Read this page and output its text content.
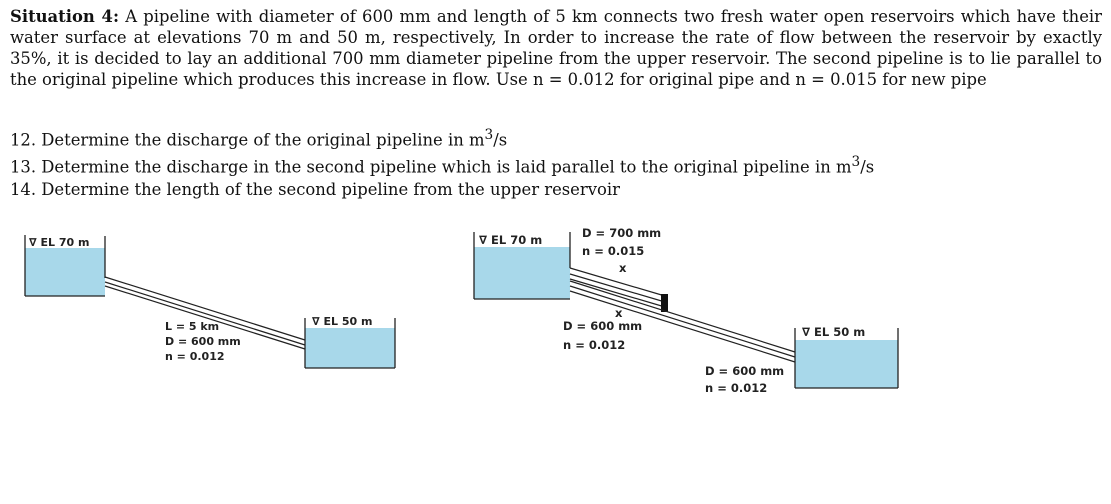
Situation 4: A pipeline with diameter of 600 mm and length of 5 km connects two fresh water open reservoirs which have their water surface at elevations 70 m and 50 m, respectively, In order to increase the rate of flow between the reservoir by exactly 35%, it is decided to lay an additional 700 mm diameter pipeline from the upper reservoir. The second pipeline is to lie parallel to the original pipeline which produces this increase in flow. Use n = 0.012 for original pipe and n = 0.015 for new pipe
12. Determine the discharge of the original pipeline in $m^3/s$
13. Determine the discharge in the second pipeline which is laid parallel to the original pipeline in $m^3/s$
14. Determine the length of the second pipeline from the upper reservoir
∇ EL 70 m
∇ EL 50 m
L = 5 km
D = 600 mm
n = 0.012
∇ EL 70 m
∇ EL 50 m
D = 700 mm
n = 0.015
x
x
D = 600 mm
n = 0.012
D = 600 mm
n = 0.012
